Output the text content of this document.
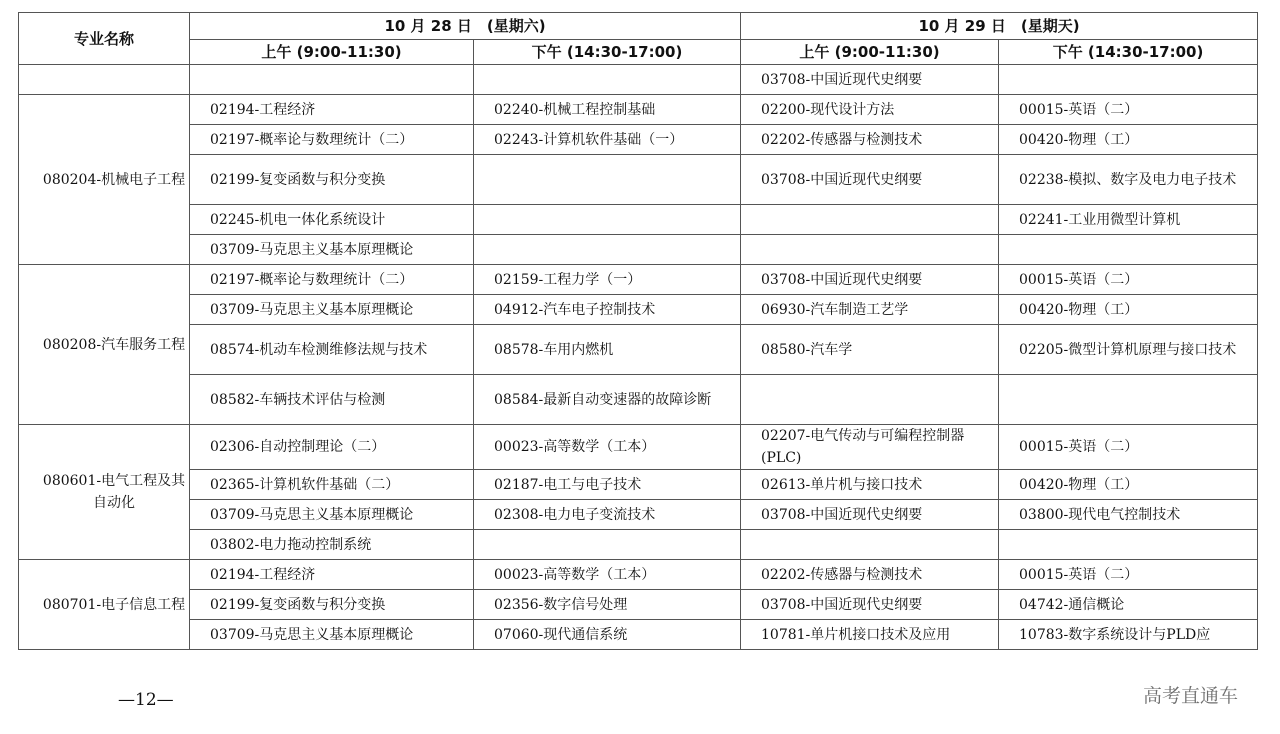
专业名称	10 月 28 日　(星期六)		10 月 29 日　(星期天)	
	上午 (9:00-11:30)	下午 (14:30-17:00)	上午 (9:00-11:30)	下午 (14:30-17:00)
			03708-中国近现代史纲要	
080204-机械电子工程	02194-工程经济	02240-机械工程控制基础	02200-现代设计方法	00015-英语（二）
	02197-概率论与数理统计（二）	02243-计算机软件基础（一）	02202-传感器与检测技术	00420-物理（工）
	02199-复变函数与积分变换		03708-中国近现代史纲要	02238-模拟、数字及电力电子技术
	02245-机电一体化系统设计			02241-工业用微型计算机
	03709-马克思主义基本原理概论			
080208-汽车服务工程	02197-概率论与数理统计（二）	02159-工程力学（一）	03708-中国近现代史纲要	00015-英语（二）
	03709-马克思主义基本原理概论	04912-汽车电子控制技术	06930-汽车制造工艺学	00420-物理（工）
	08574-机动车检测维修法规与技术	08578-车用内燃机	08580-汽车学	02205-微型计算机原理与接口技术
	08582-车辆技术评估与检测	08584-最新自动变速器的故障诊断		
080601-电气工程及其自动化	02306-自动控制理论（二）	00023-高等数学（工本）	02207-电气传动与可编程控制器(PLC)	00015-英语（二）
	02365-计算机软件基础（二）	02187-电工与电子技术	02613-单片机与接口技术	00420-物理（工）
	03709-马克思主义基本原理概论	02308-电力电子变流技术	03708-中国近现代史纲要	03800-现代电气控制技术
	03802-电力拖动控制系统			
080701-电子信息工程	02194-工程经济	00023-高等数学（工本）	02202-传感器与检测技术	00015-英语（二）
	02199-复变函数与积分变换	02356-数字信号处理	03708-中国近现代史纲要	04742-通信概论
	03709-马克思主义基本原理概论	07060-现代通信系统	10781-单片机接口技术及应用	10783-数字系统设计与PLD应
—12—	高考直通车
